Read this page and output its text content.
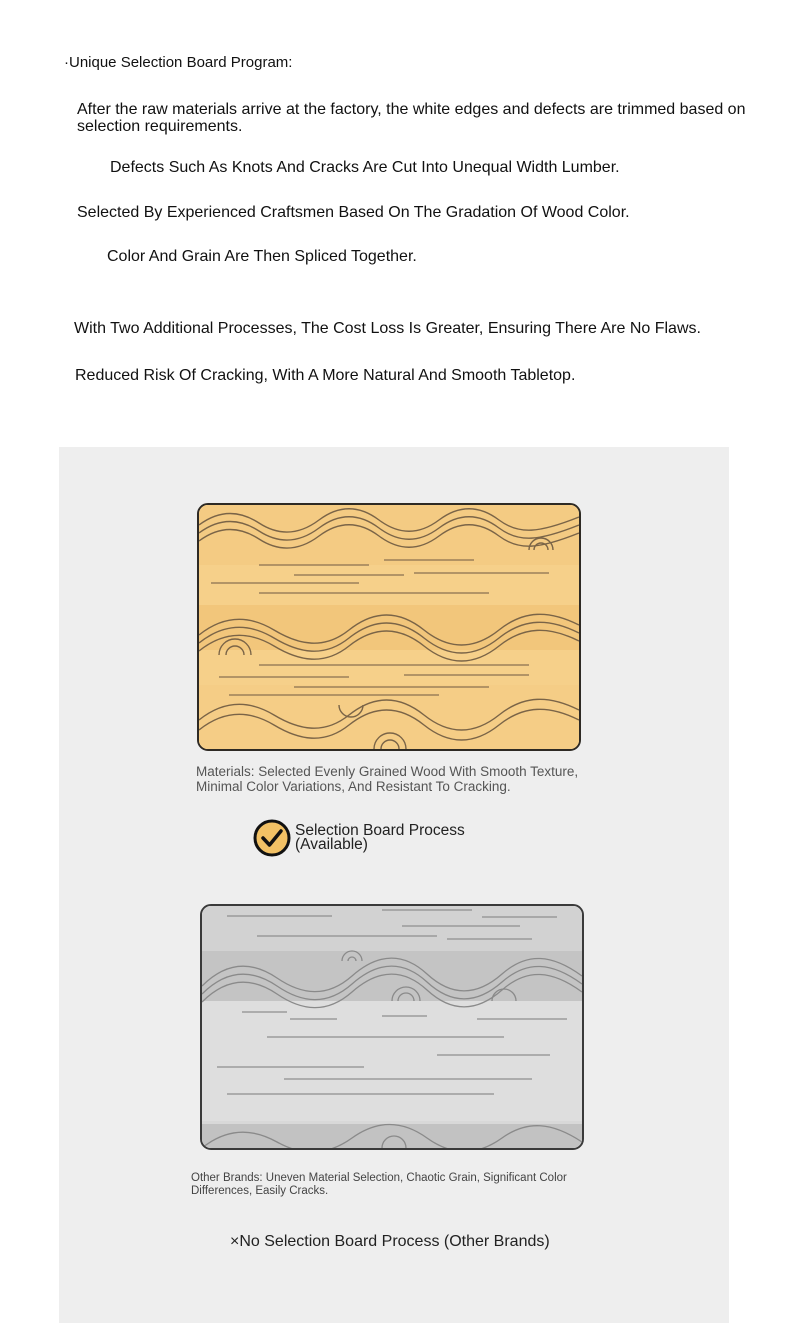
·Unique Selection Board Program:

After the raw materials arrive at the factory, the white edges and defects are trimmed based on selection requirements.

Defects Such As Knots And Cracks Are Cut Into Unequal Width Lumber.

Selected By Experienced Craftsmen Based On The Gradation Of Wood Color.

Color And Grain Are Then Spliced Together.

With Two Additional Processes, The Cost Loss Is Greater, Ensuring There Are No Flaws.

Reduced Risk Of Cracking, With A More Natural And Smooth Tabletop.

Materials: Selected Evenly Grained Wood With Smooth Texture, Minimal Color Variations, And Resistant To Cracking.

Selection Board Process
(Available)

Other Brands: Uneven Material Selection, Chaotic Grain, Significant Color Differences, Easily Cracks.

×No Selection Board Process (Other Brands)
